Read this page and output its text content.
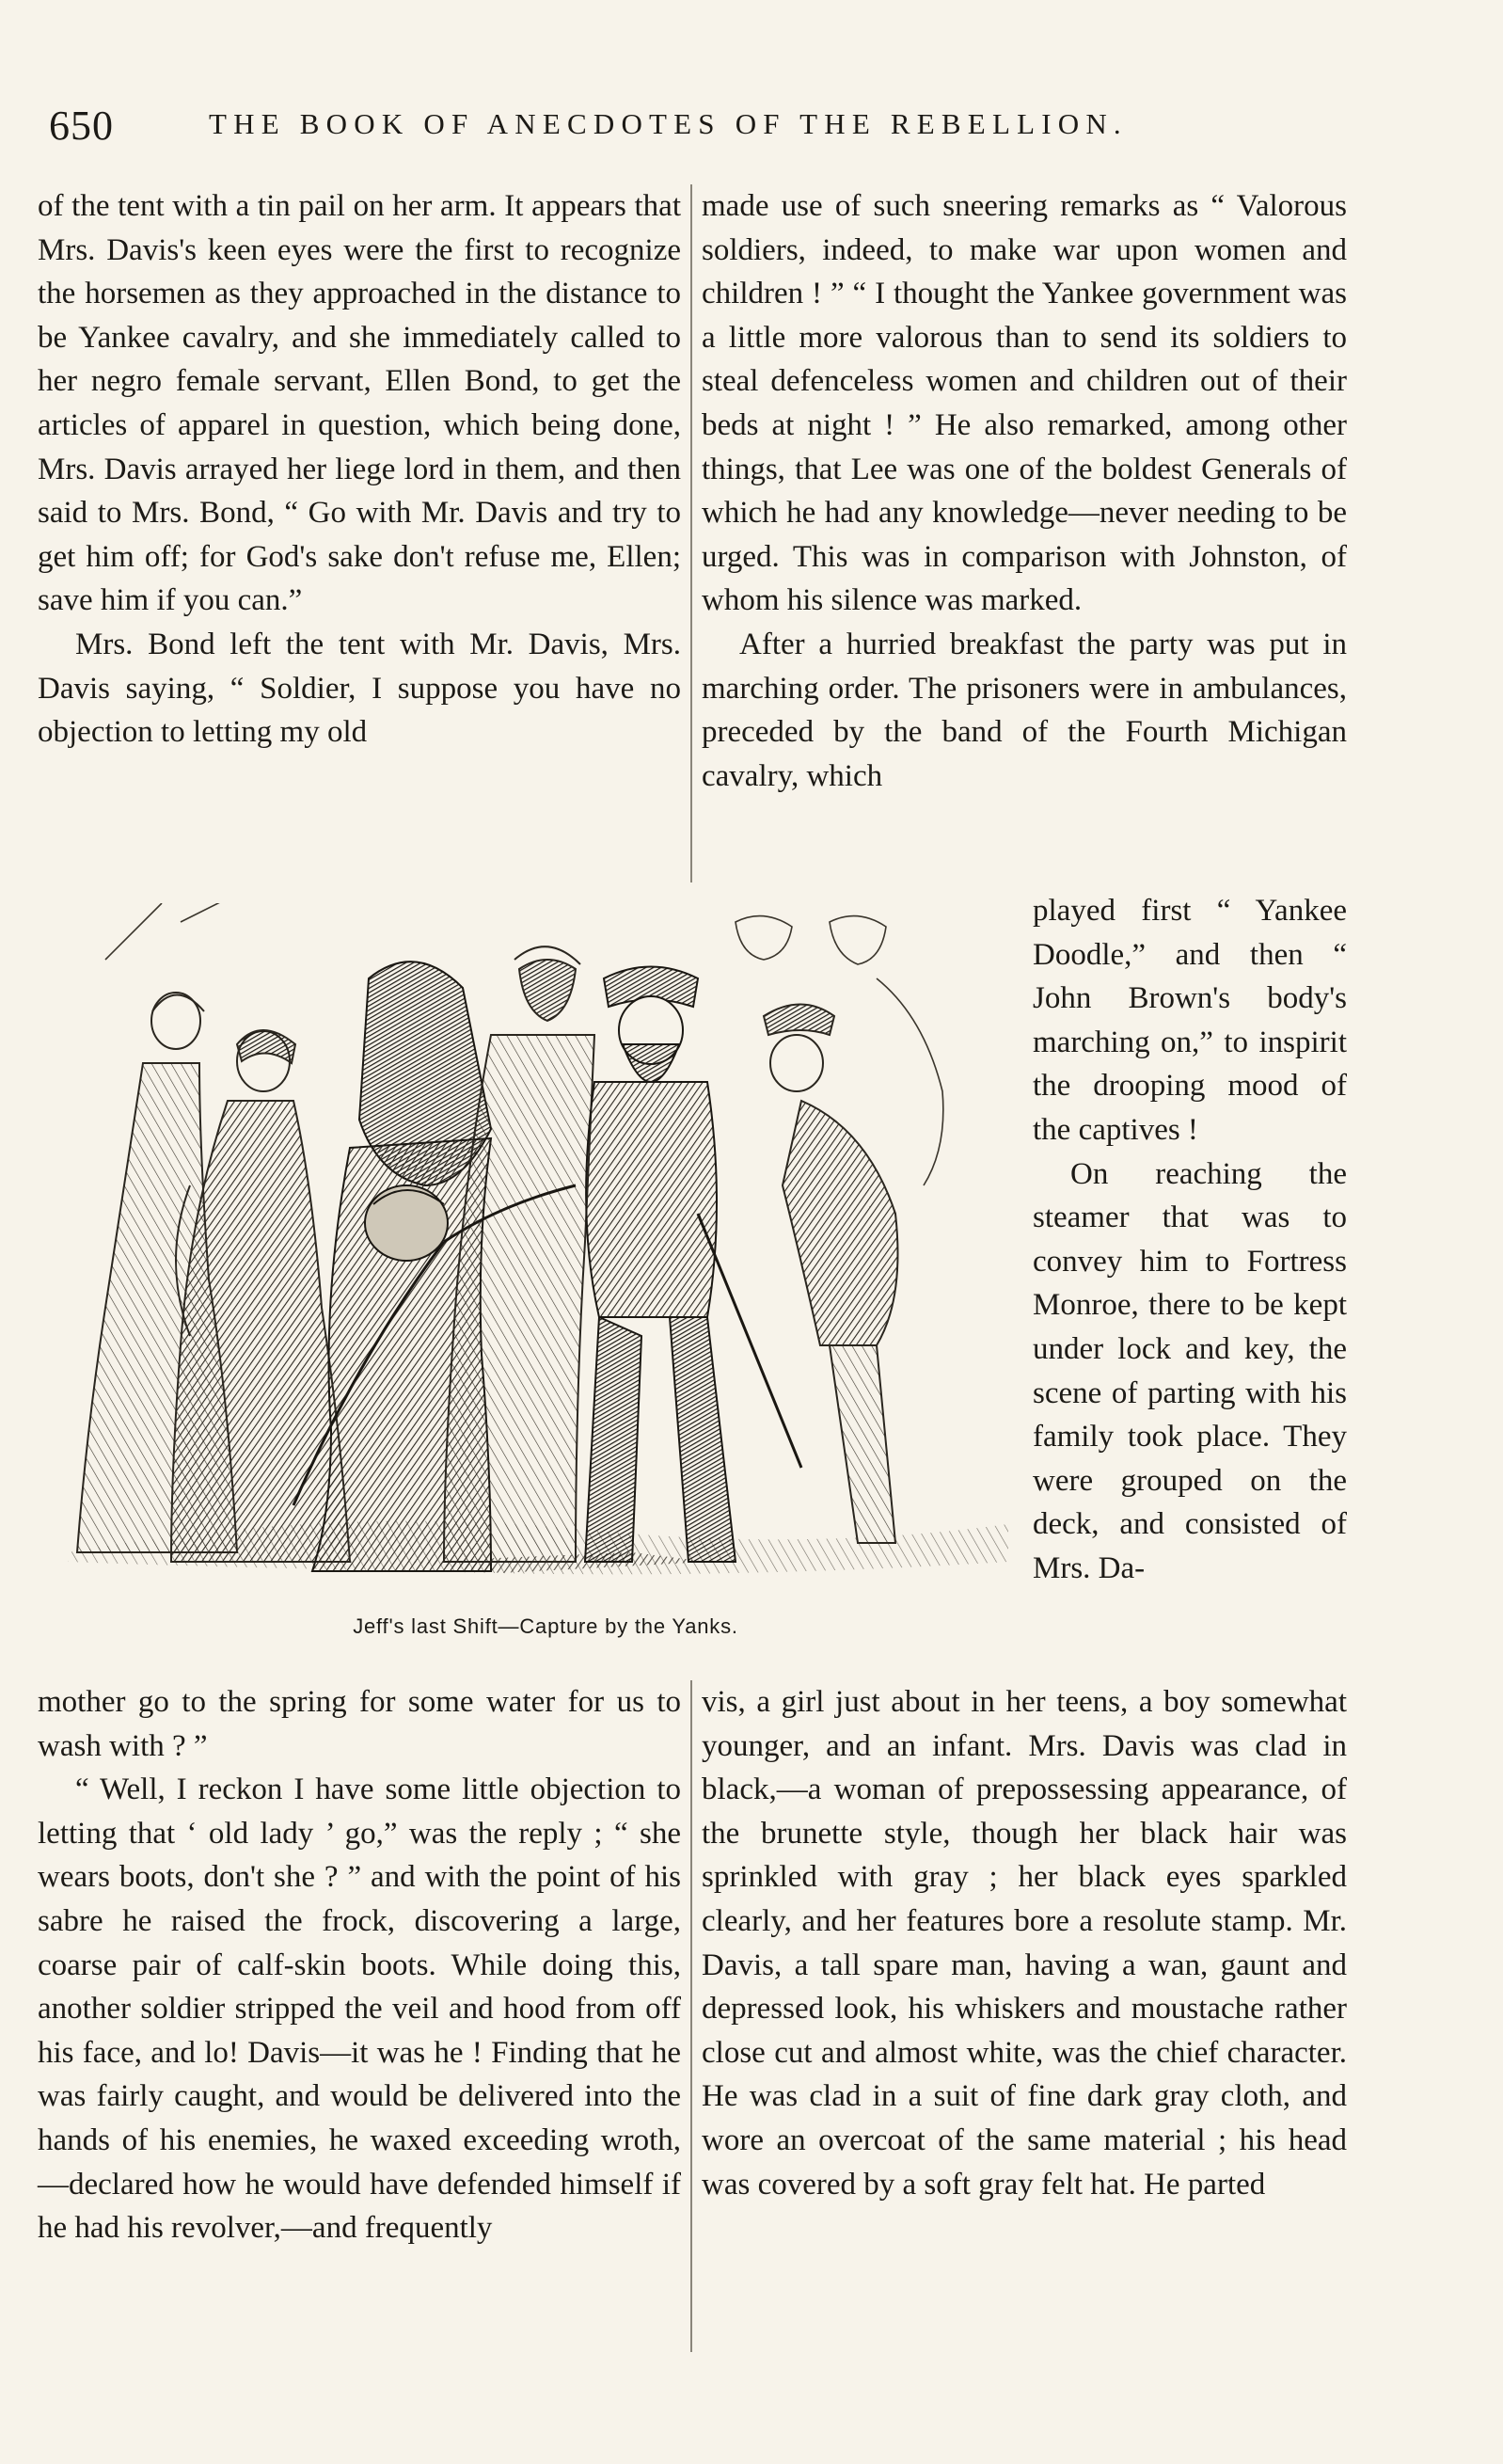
650	THE BOOK OF ANECDOTES OF THE REBELLION.

of the tent with a tin pail on her arm. It appears that Mrs. Davis's keen eyes were the first to recognize the horsemen as they approached in the distance to be Yankee cavalry, and she immediately called to her negro female servant, Ellen Bond, to get the articles of apparel in question, which being done, Mrs. Davis arrayed her liege lord in them, and then said to Mrs. Bond, “ Go with Mr. Davis and try to get him off; for God's sake don't refuse me, Ellen; save him if you can.”

Mrs. Bond left the tent with Mr. Davis, Mrs. Davis saying, “ Soldier, I suppose you have no objection to letting my old

made use of such sneering remarks as “ Valorous soldiers, indeed, to make war upon women and children ! ” “ I thought the Yankee government was a little more valorous than to send its soldiers to steal defenceless women and children out of their beds at night ! ” He also remarked, among other things, that Lee was one of the boldest Generals of which he had any knowledge—never needing to be urged. This was in comparison with Johnston, of whom his silence was marked.

After a hurried breakfast the party was put in marching order. The prisoners were in ambulances, preceded by the band of the Fourth Michigan cavalry, which

played first “ Yankee Doodle,” and then “ John Brown's body's marching on,” to inspirit the drooping mood of the captives !

On reaching the steamer that was to convey him to Fortress Monroe, there to be kept under lock and key, the scene of parting with his family took place. They were grouped on the deck, and consisted of Mrs. Da-

Jeff's last Shift—Capture by the Yanks.

mother go to the spring for some water for us to wash with ? ”

“ Well, I reckon I have some little objection to letting that ‘ old lady ’ go,” was the reply ; “ she wears boots, don't she ? ” and with the point of his sabre he raised the frock, discovering a large, coarse pair of calf-skin boots. While doing this, another soldier stripped the veil and hood from off his face, and lo! Davis—it was he ! Finding that he was fairly caught, and would be delivered into the hands of his enemies, he waxed exceeding wroth,—declared how he would have defended himself if he had his revolver,—and frequently

vis, a girl just about in her teens, a boy somewhat younger, and an infant. Mrs. Davis was clad in black,—a woman of prepossessing appearance, of the brunette style, though her black hair was sprinkled with gray ; her black eyes sparkled clearly, and her features bore a resolute stamp. Mr. Davis, a tall spare man, having a wan, gaunt and depressed look, his whiskers and moustache rather close cut and almost white, was the chief character. He was clad in a suit of fine dark gray cloth, and wore an overcoat of the same material ; his head was covered by a soft gray felt hat. He parted
